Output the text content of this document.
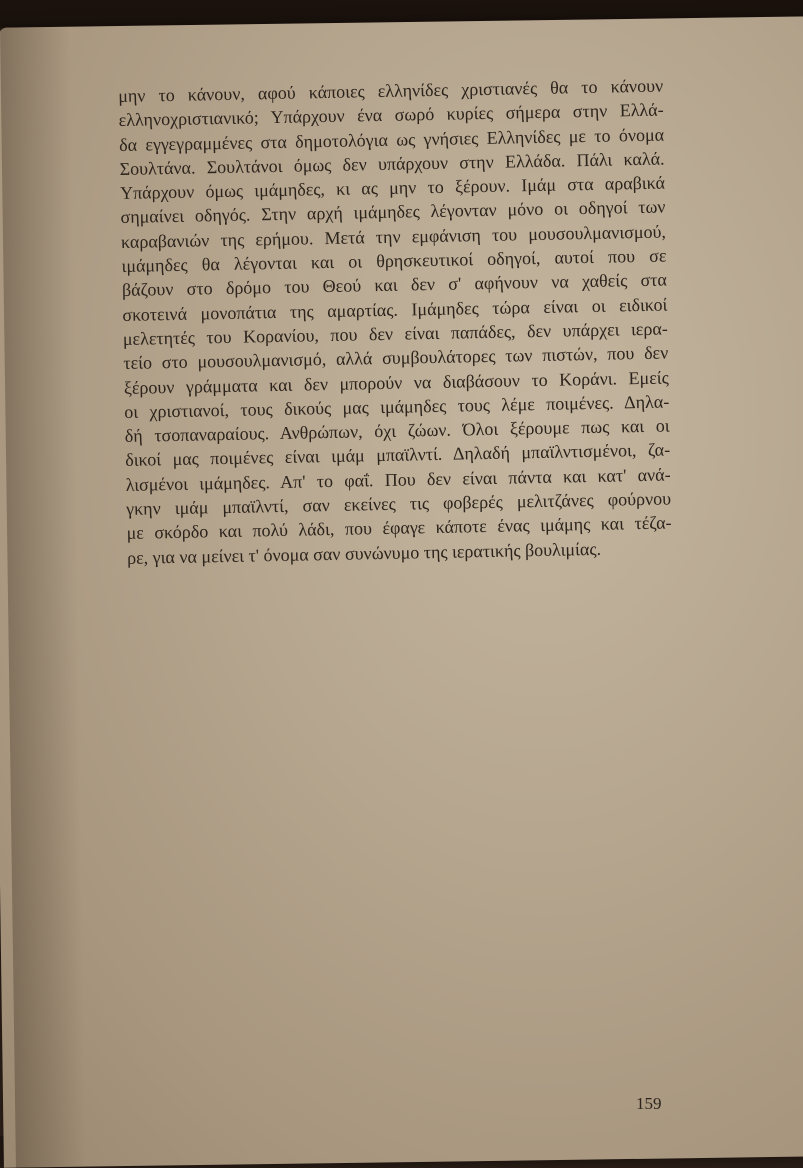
μην το κάνουν, αφού κάποιες ελληνίδες χριστιανές θα το κάνουν
ελληνοχριστιανικό; Υπάρχουν ένα σωρό κυρίες σήμερα στην Ελλά-
δα εγγεγραμμένες στα δημοτολόγια ως γνήσιες Ελληνίδες με το όνομα
Σουλτάνα. Σουλτάνοι όμως δεν υπάρχουν στην Ελλάδα. Πάλι καλά.
Υπάρχουν όμως ιμάμηδες, κι ας μην το ξέρουν. Ιμάμ στα αραβικά
σημαίνει οδηγός. Στην αρχή ιμάμηδες λέγονταν μόνο οι οδηγοί των
καραβανιών της ερήμου. Μετά την εμφάνιση του μουσουλμανισμού,
ιμάμηδες θα λέγονται και οι θρησκευτικοί οδηγοί, αυτοί που σε
βάζουν στο δρόμο του Θεού και δεν σ' αφήνουν να χαθείς στα
σκοτεινά μονοπάτια της αμαρτίας. Ιμάμηδες τώρα είναι οι ειδικοί
μελετητές του Κορανίου, που δεν είναι παπάδες, δεν υπάρχει ιερα-
τείο στο μουσουλμανισμό, αλλά συμβουλάτορες των πιστών, που δεν
ξέρουν γράμματα και δεν μπορούν να διαβάσουν το Κοράνι. Εμείς
οι χριστιανοί, τους δικούς μας ιμάμηδες τους λέμε ποιμένες. Δηλα-
δή τσοπαναραίους. Ανθρώπων, όχι ζώων. Όλοι ξέρουμε πως και οι
δικοί μας ποιμένες είναι ιμάμ μπαϊλντί. Δηλαδή μπαϊλντισμένοι, ζα-
λισμένοι ιμάμηδες. Απ' το φαΐ. Που δεν είναι πάντα και κατ' ανά-
γκην ιμάμ μπαϊλντί, σαν εκείνες τις φοβερές μελιτζάνες φούρνου
με σκόρδο και πολύ λάδι, που έφαγε κάποτε ένας ιμάμης και τέζα-
ρε, για να μείνει τ' όνομα σαν συνώνυμο της ιερατικής βουλιμίας.
159
